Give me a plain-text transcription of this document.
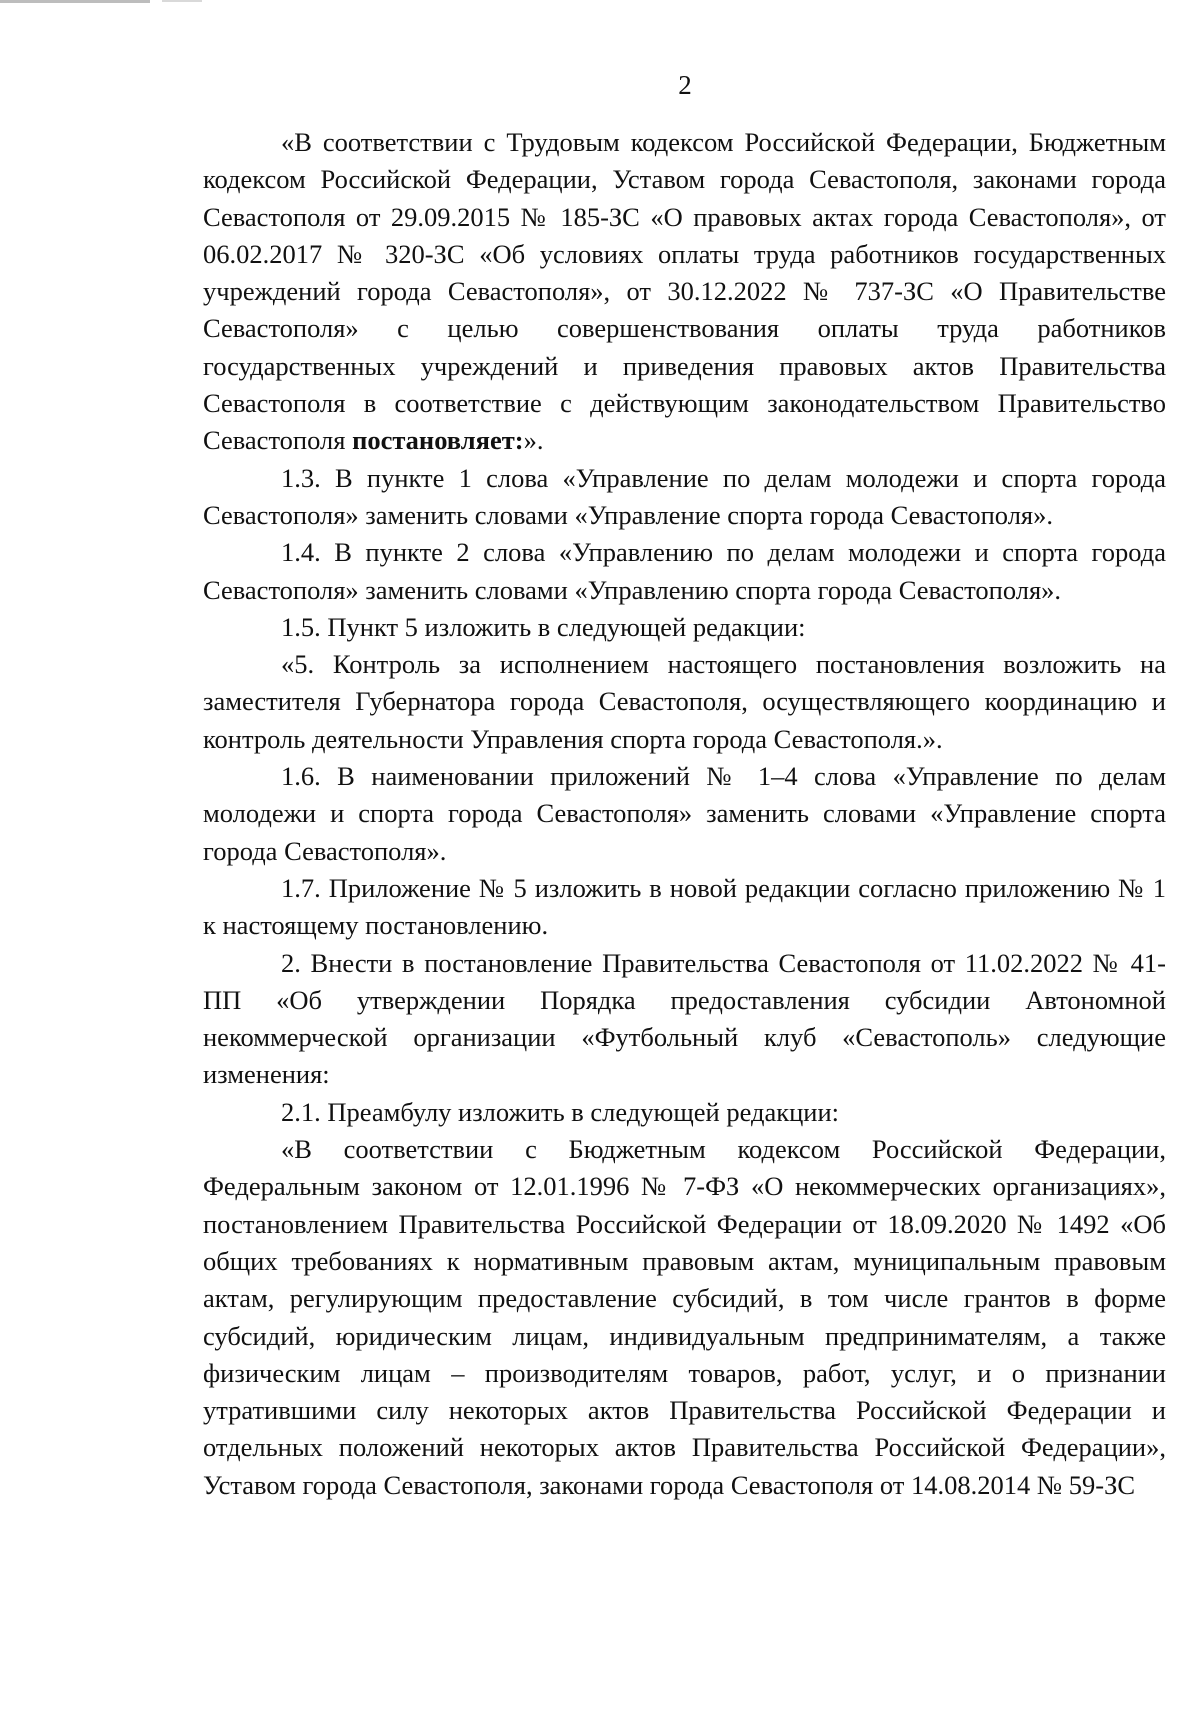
2

«В соответствии с Трудовым кодексом Российской Федерации, Бюджетным кодексом Российской Федерации, Уставом города Севастополя, законами города Севастополя от 29.09.2015 № 185-ЗС «О правовых актах города Севастополя», от 06.02.2017 № 320-ЗС «Об условиях оплаты труда работников государственных учреждений города Севастополя», от 30.12.2022 № 737-ЗС «О Правительстве Севастополя» с целью совершенствования оплаты труда работников государственных учреждений и приведения правовых актов Правительства Севастополя в соответствие с действующим законодательством Правительство Севастополя постановляет:».

1.3. В пункте 1 слова «Управление по делам молодежи и спорта города Севастополя» заменить словами «Управление спорта города Севастополя».

1.4. В пункте 2 слова «Управлению по делам молодежи и спорта города Севастополя» заменить словами «Управлению спорта города Севастополя».

1.5. Пункт 5 изложить в следующей редакции:

«5. Контроль за исполнением настоящего постановления возложить на заместителя Губернатора города Севастополя, осуществляющего координацию и контроль деятельности Управления спорта города Севастополя.».

1.6. В наименовании приложений № 1–4 слова «Управление по делам молодежи и спорта города Севастополя» заменить словами «Управление спорта города Севастополя».

1.7. Приложение № 5 изложить в новой редакции согласно приложению № 1 к настоящему постановлению.

2. Внести в постановление Правительства Севастополя от 11.02.2022 № 41-ПП «Об утверждении Порядка предоставления субсидии Автономной некоммерческой организации «Футбольный клуб «Севастополь» следующие изменения:

2.1. Преамбулу изложить в следующей редакции:

«В соответствии с Бюджетным кодексом Российской Федерации, Федеральным законом от 12.01.1996 № 7-ФЗ «О некоммерческих организациях», постановлением Правительства Российской Федерации от 18.09.2020 № 1492 «Об общих требованиях к нормативным правовым актам, муниципальным правовым актам, регулирующим предоставление субсидий, в том числе грантов в форме субсидий, юридическим лицам, индивидуальным предпринимателям, а также физическим лицам – производителям товаров, работ, услуг, и о признании утратившими силу некоторых актов Правительства Российской Федерации и отдельных положений некоторых актов Правительства Российской Федерации», Уставом города Севастополя, законами города Севастополя от 14.08.2014 № 59-ЗС
